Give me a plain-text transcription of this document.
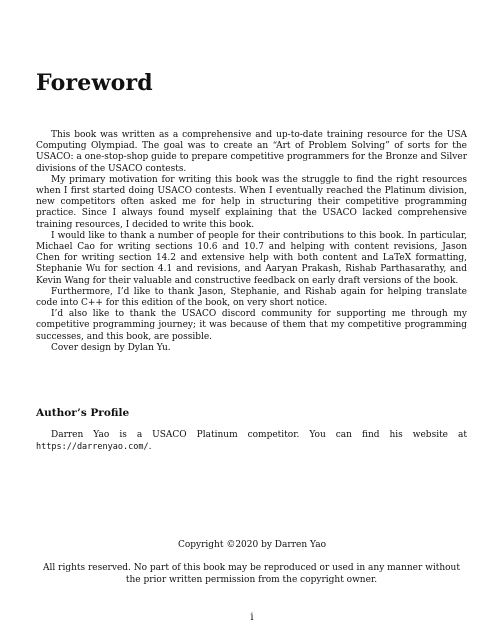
Foreword

This book was written as a comprehensive and up-to-date training resource for the USA Computing Olympiad. The goal was to create an “Art of Problem Solving” of sorts for the USACO: a one-stop-shop guide to prepare competitive programmers for the Bronze and Silver divisions of the USACO contests.

My primary motivation for writing this book was the struggle to find the right resources when I first started doing USACO contests. When I eventually reached the Platinum division, new competitors often asked me for help in structuring their competitive programming practice. Since I always found myself explaining that the USACO lacked comprehensive training resources, I decided to write this book.

I would like to thank a number of people for their contributions to this book. In particular, Michael Cao for writing sections 10.6 and 10.7 and helping with content revisions, Jason Chen for writing section 14.2 and extensive help with both content and LaTeX formatting, Stephanie Wu for section 4.1 and revisions, and Aaryan Prakash, Rishab Parthasarathy, and Kevin Wang for their valuable and constructive feedback on early draft versions of the book.

Furthermore, I’d like to thank Jason, Stephanie, and Rishab again for helping translate code into C++ for this edition of the book, on very short notice.

I’d also like to thank the USACO discord community for supporting me through my competitive programming journey; it was because of them that my competitive programming successes, and this book, are possible.

Cover design by Dylan Yu.

Author’s Profile

Darren Yao is a USACO Platinum competitor. You can find his website at https://darrenyao.com/.

Copyright ©2020 by Darren Yao
All rights reserved. No part of this book may be reproduced or used in any manner without the prior written permission from the copyright owner.
i
